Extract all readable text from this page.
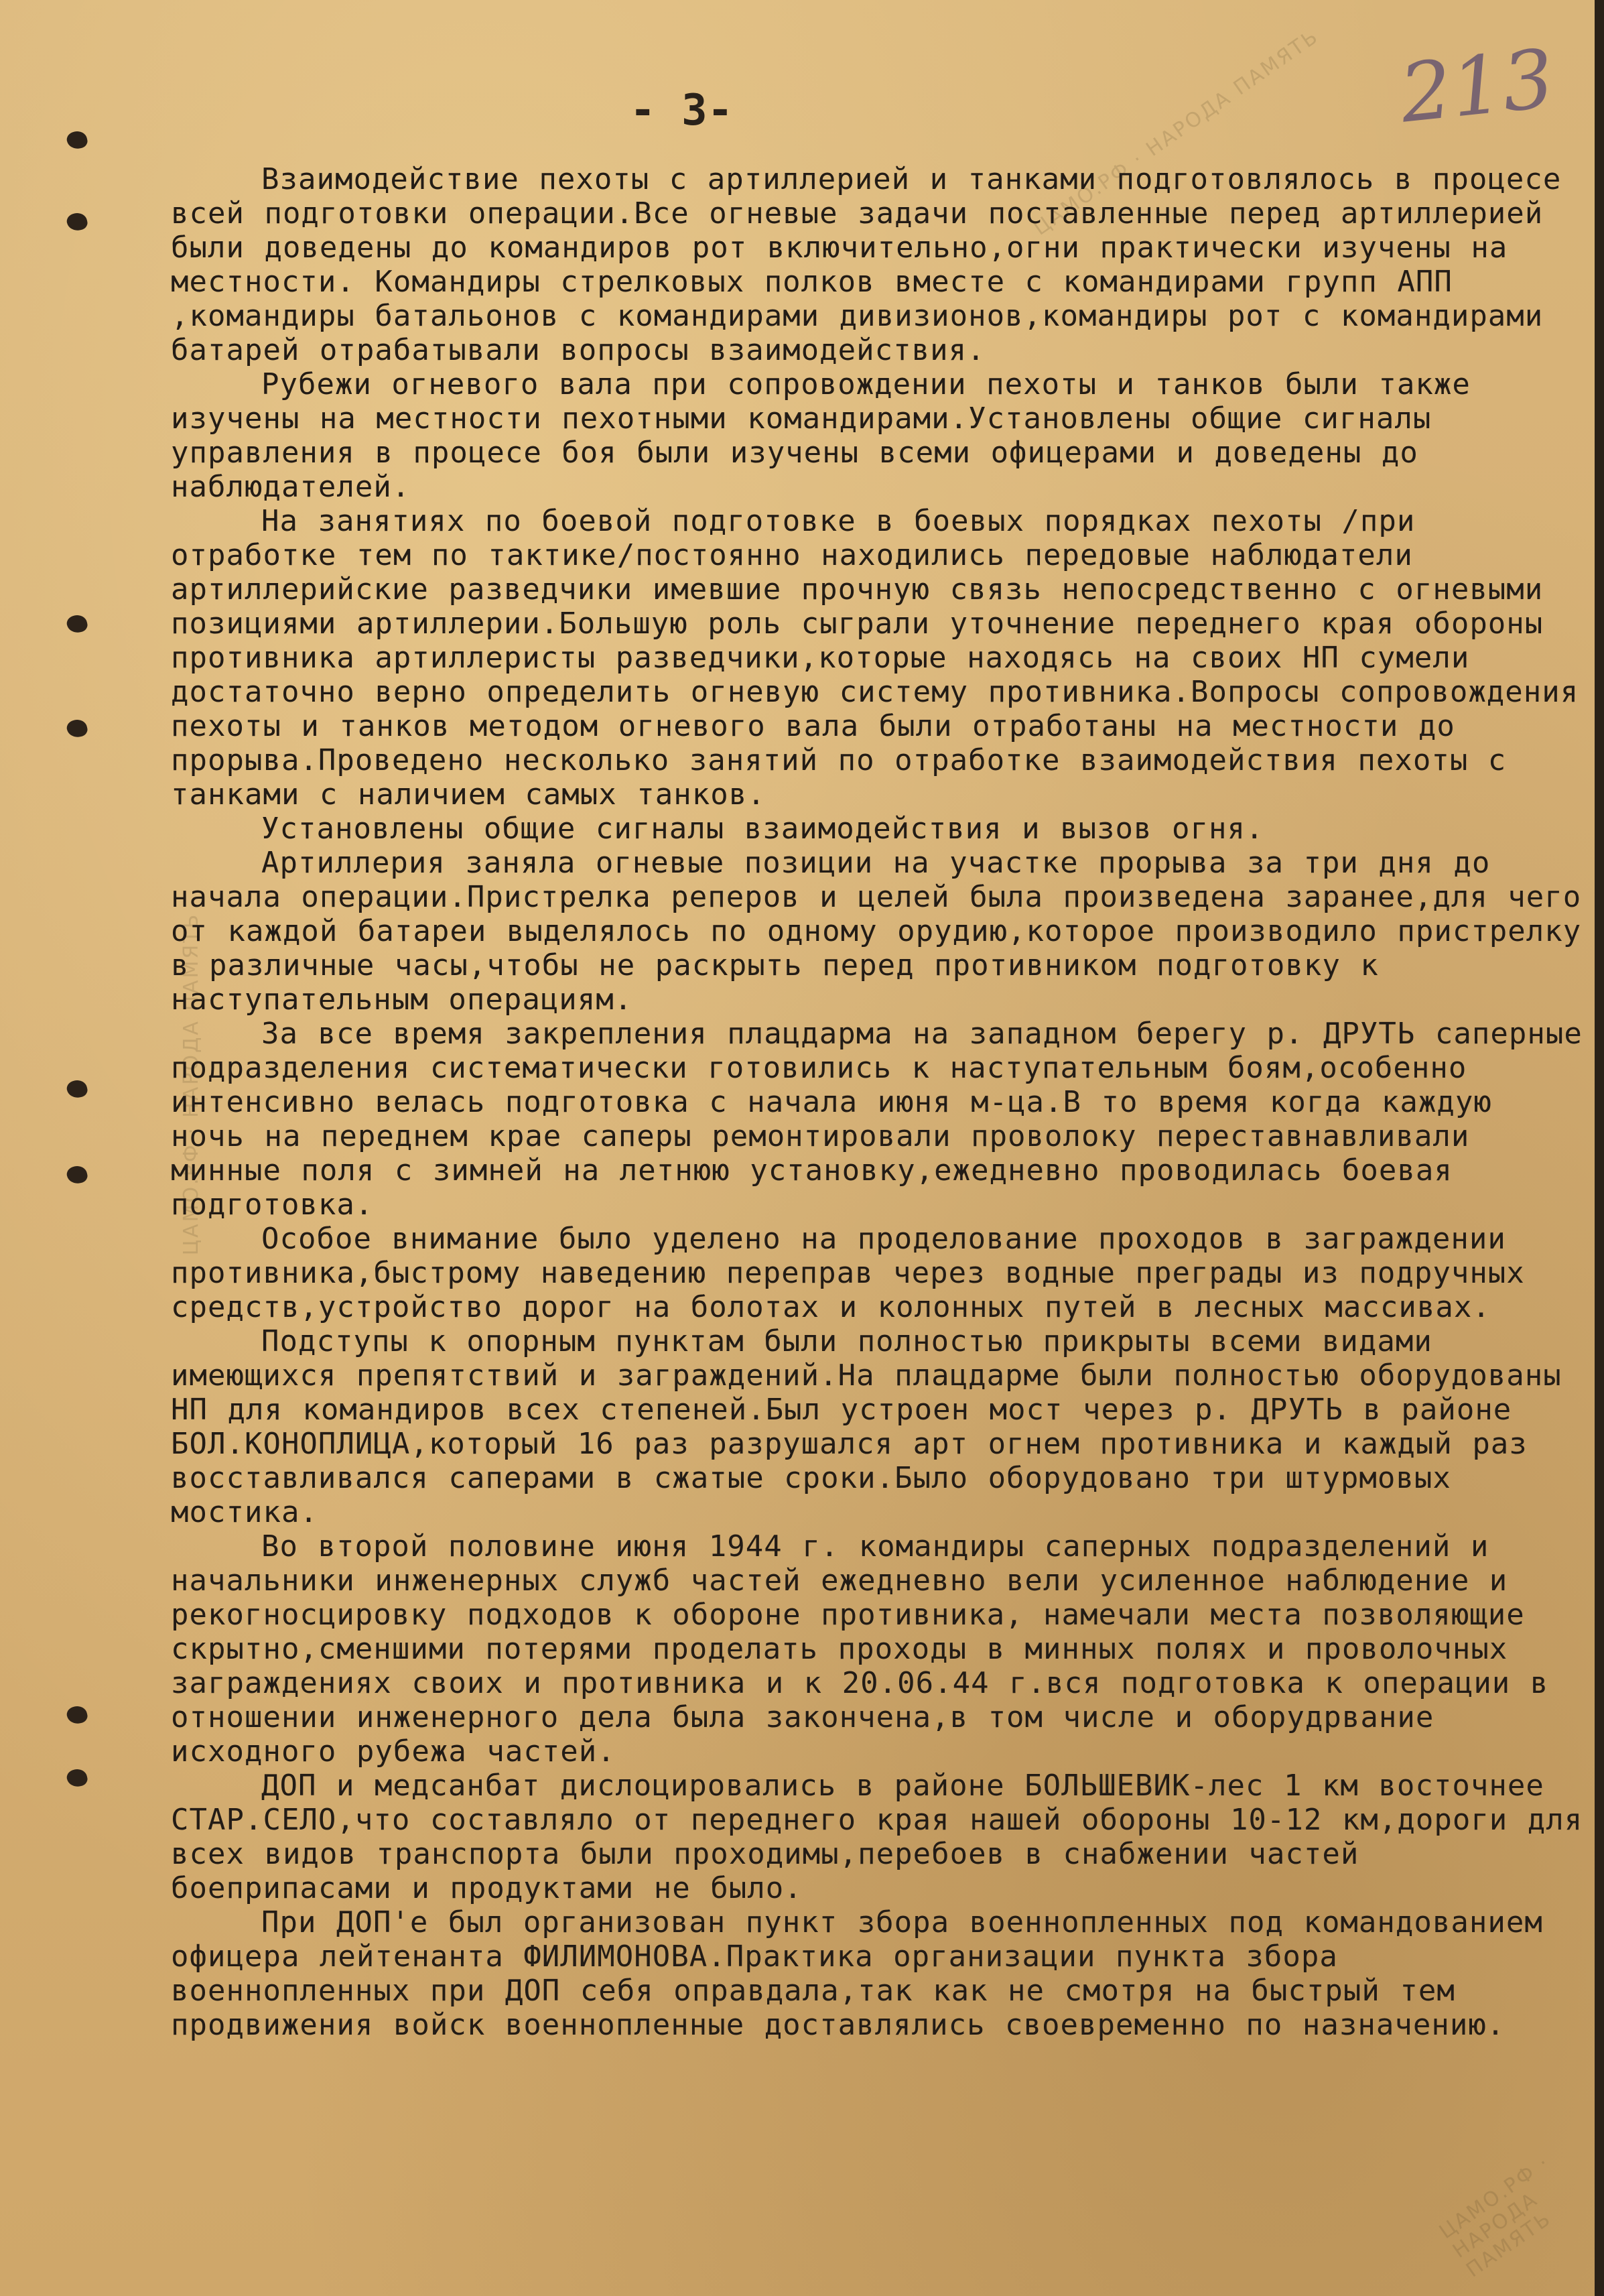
ЦАМО.РФ · НАРОДА ПАМЯТЬ
ЦАМО.РФ · НАРОДА ПАМЯТЬ
ЦАМО.РФ · НАРОДА ПАМЯТЬ
- 3-	213

Взаимодействие пехоты с артиллерией и танками подготовлялось в процесе всей подготовки операции.Все огневые задачи поставленные перед артиллерией были доведены до командиров рот включительно,огни практически изучены на местности. Командиры стрелковых полков вместе с командирами групп АПП ,командиры батальонов с командирами дивизионов,командиры рот с командирами батарей отрабатывали вопросы взаимодействия.

Рубежи огневого вала при сопровождении пехоты и танков были также изучены на местности пехотными командирами.Установлены общие сигналы управления в процесе боя были изучены всеми офицерами и доведены до наблюдателей.

На занятиях по боевой подготовке в боевых порядках пехоты /при отработке тем по тактике/постоянно находились передовые наблюдатели артиллерийские разведчики имевшие прочную связь непосредственно с огневыми позициями артиллерии.Большую роль сыграли уточнение переднего края обороны противника артиллеристы разведчики,которые находясь на своих НП сумели достаточно верно определить огневую систему противника.Вопросы сопровождения пехоты и танков методом огневого вала были отработаны на местности до прорыва.Проведено несколько занятий по отработке взаимодействия пехоты с танками с наличием самых танков.

Установлены общие сигналы взаимодействия и вызов огня.

Артиллерия заняла огневые позиции на участке прорыва за три дня до начала операции.Пристрелка реперов и целей была произведена заранее,для чего от каждой батареи выделялось по одному орудию,которое производило пристрелку в различные часы,чтобы не раскрыть перед противником подготовку к наступательным операциям.

За все время закрепления плацдарма на западном берегу р. ДРУТЬ саперные подразделения систематически готовились к наступательным боям,особенно интенсивно велась подготовка с начала июня м-ца.В то время когда каждую ночь на переднем крае саперы ремонтировали проволоку переставнавливали минные поля с зимней на летнюю установку,ежедневно проводилась боевая подготовка.

Особое внимание было уделено на проделование проходов в заграждении противника,быстрому наведению переправ через водные преграды из подручных средств,устройство дорог на болотах и колонных путей в лесных массивах.

Подступы к опорным пунктам были полностью прикрыты всеми видами имеющихся препятствий и заграждений.На плацдарме были полностью оборудованы НП для командиров всех степеней.Был устроен мост через р. ДРУТЬ в районе БОЛ.КОНОПЛИЦА,который 16 раз разрушался арт огнем противника и каждый раз восставливался саперами в сжатые сроки.Было оборудовано три штурмовых мостика.

Во второй половине июня 1944 г. командиры саперных подразделений и начальники инженерных служб частей ежедневно вели усиленное наблюдение и рекогносцировку подходов к обороне противника, намечали места позволяющие скрытно,сменшими потерями проделать проходы в минных полях и проволочных заграждениях своих и противника и к 20.06.44 г.вся подготовка к операции в отношении инженерного дела была закончена,в том числе и оборудрвание исходного рубежа частей.

ДОП и медсанбат дислоцировались в районе БОЛЬШЕВИК-лес 1 км восточнее СТАР.СЕЛО,что составляло от переднего края нашей обороны 10-12 км,дороги для всех видов транспорта были проходимы,перебоев в снабжении частей боеприпасами и продуктами не было.

При ДОП'е был организован пункт збора военнопленных под командованием офицера лейтенанта ФИЛИМОНОВА.Практика организации пункта збора военнопленных при ДОП себя оправдала,так как не смотря на быстрый тем продвижения войск военнопленные доставлялись своевременно по назначению.
